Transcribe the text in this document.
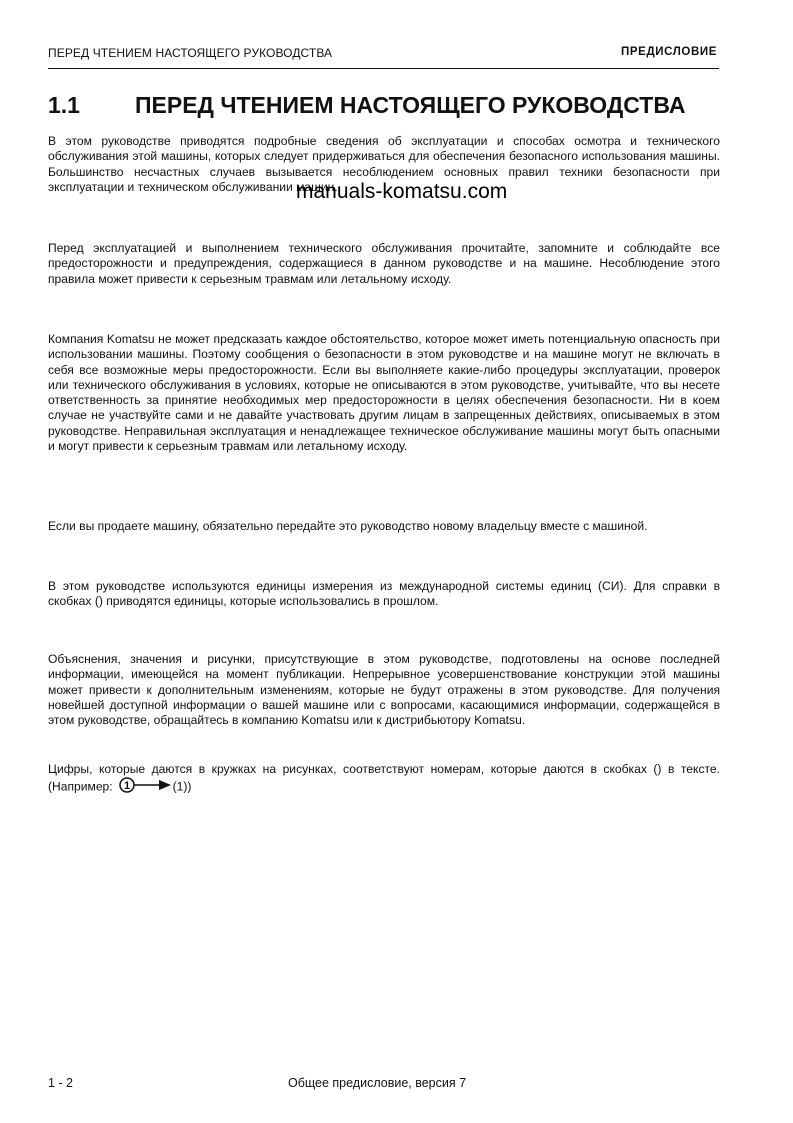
ПЕРЕД ЧТЕНИЕМ НАСТОЯЩЕГО РУКОВОДСТВА	ПРЕДИСЛОВИЕ
1.1 ПЕРЕД ЧТЕНИЕМ НАСТОЯЩЕГО РУКОВОДСТВА

В этом руководстве приводятся подробные сведения об эксплуатации и способах осмотра и технического обслуживания этой машины, которых следует придерживаться для обеспечения безопасного использования машины. Большинство несчастных случаев вызывается несоблюдением основных правил техники безопасности при эксплуатации и техническом обслуживании машин.

manuals-komatsu.com

Перед эксплуатацией и выполнением технического обслуживания прочитайте, запомните и соблюдайте все предосторожности и предупреждения, содержащиеся в данном руководстве и на машине. Несоблюдение этого правила может привести к серьезным травмам или летальному исходу.

Компания Komatsu не может предсказать каждое обстоятельство, которое может иметь потенциальную опасность при использовании машины. Поэтому сообщения о безопасности в этом руководстве и на машине могут не включать в себя все возможные меры предосторожности. Если вы выполняете какие-либо процедуры эксплуатации, проверок или технического обслуживания в условиях, которые не описываются в этом руководстве, учитывайте, что вы несете ответственность за принятие необходимых мер предосторожности в целях обеспечения безопасности. Ни в коем случае не участвуйте сами и не давайте участвовать другим лицам в запрещенных действиях, описываемых в этом руководстве. Неправильная эксплуатация и ненадлежащее техническое обслуживание машины могут быть опасными и могут привести к серьезным травмам или летальному исходу.

Если вы продаете машину, обязательно передайте это руководство новому владельцу вместе с машиной.

В этом руководстве используются единицы измерения из международной системы единиц (СИ). Для справки в скобках () приводятся единицы, которые использовались в прошлом.

Объяснения, значения и рисунки, присутствующие в этом руководстве, подготовлены на основе последней информации, имеющейся на момент публикации. Непрерывное усовершенствование конструкции этой машины может привести к дополнительным изменениям, которые не будут отражены в этом руководстве. Для получения новейшей доступной информации о вашей машине или с вопросами, касающимися информации, содержащейся в этом руководстве, обращайтесь в компанию Komatsu или к дистрибьютору Komatsu.

Цифры, которые даются в кружках на рисунках, соответствуют номерам, которые даются в скобках () в тексте. (Например: 1	(1))

1 - 2	Общее предисловие, версия 7
